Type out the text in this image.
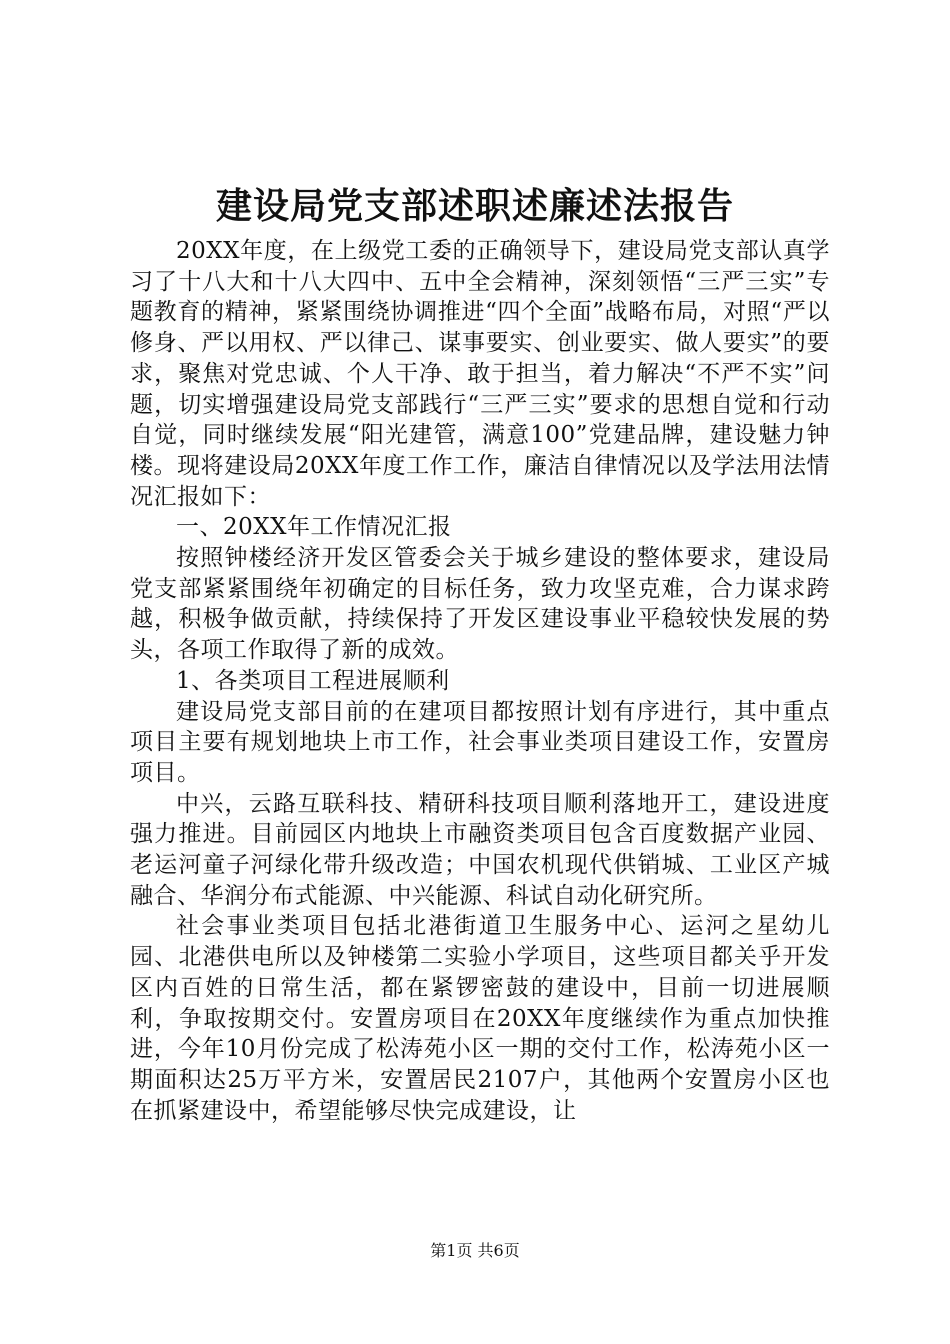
建设局党支部述职述廉述法报告

20XX年度，在上级党工委的正确领导下，建设局党支部认真学习了十八大和十八大四中、五中全会精神，深刻领悟“三严三实”专题教育的精神，紧紧围绕协调推进“四个全面”战略布局，对照“严以修身、严以用权、严以律己、谋事要实、创业要实、做人要实”的要求，聚焦对党忠诚、个人干净、敢于担当，着力解决“不严不实”问题，切实增强建设局党支部践行“三严三实”要求的思想自觉和行动自觉，同时继续发展“阳光建管，满意100”党建品牌，建设魅力钟楼。现将建设局20XX年度工作工作，廉洁自律情况以及学法用法情况汇报如下：

一、20XX年工作情况汇报

按照钟楼经济开发区管委会关于城乡建设的整体要求，建设局党支部紧紧围绕年初确定的目标任务，致力攻坚克难，合力谋求跨越，积极争做贡献，持续保持了开发区建设事业平稳较快发展的势头，各项工作取得了新的成效。

1、各类项目工程进展顺利

建设局党支部目前的在建项目都按照计划有序进行，其中重点项目主要有规划地块上市工作，社会事业类项目建设工作，安置房项目。

中兴，云路互联科技、精研科技项目顺利落地开工，建设进度强力推进。目前园区内地块上市融资类项目包含百度数据产业园、老运河童子河绿化带升级改造；中国农机现代供销城、工业区产城融合、华润分布式能源、中兴能源、科试自动化研究所。

社会事业类项目包括北港街道卫生服务中心、运河之星幼儿园、北港供电所以及钟楼第二实验小学项目，这些项目都关乎开发区内百姓的日常生活，都在紧锣密鼓的建设中，目前一切进展顺利，争取按期交付。安置房项目在20XX年度继续作为重点加快推进，今年10月份完成了松涛苑小区一期的交付工作，松涛苑小区一期面积达25万平方米，安置居民2107户，其他两个安置房小区也在抓紧建设中，希望能够尽快完成建设，让

第1页 共6页
